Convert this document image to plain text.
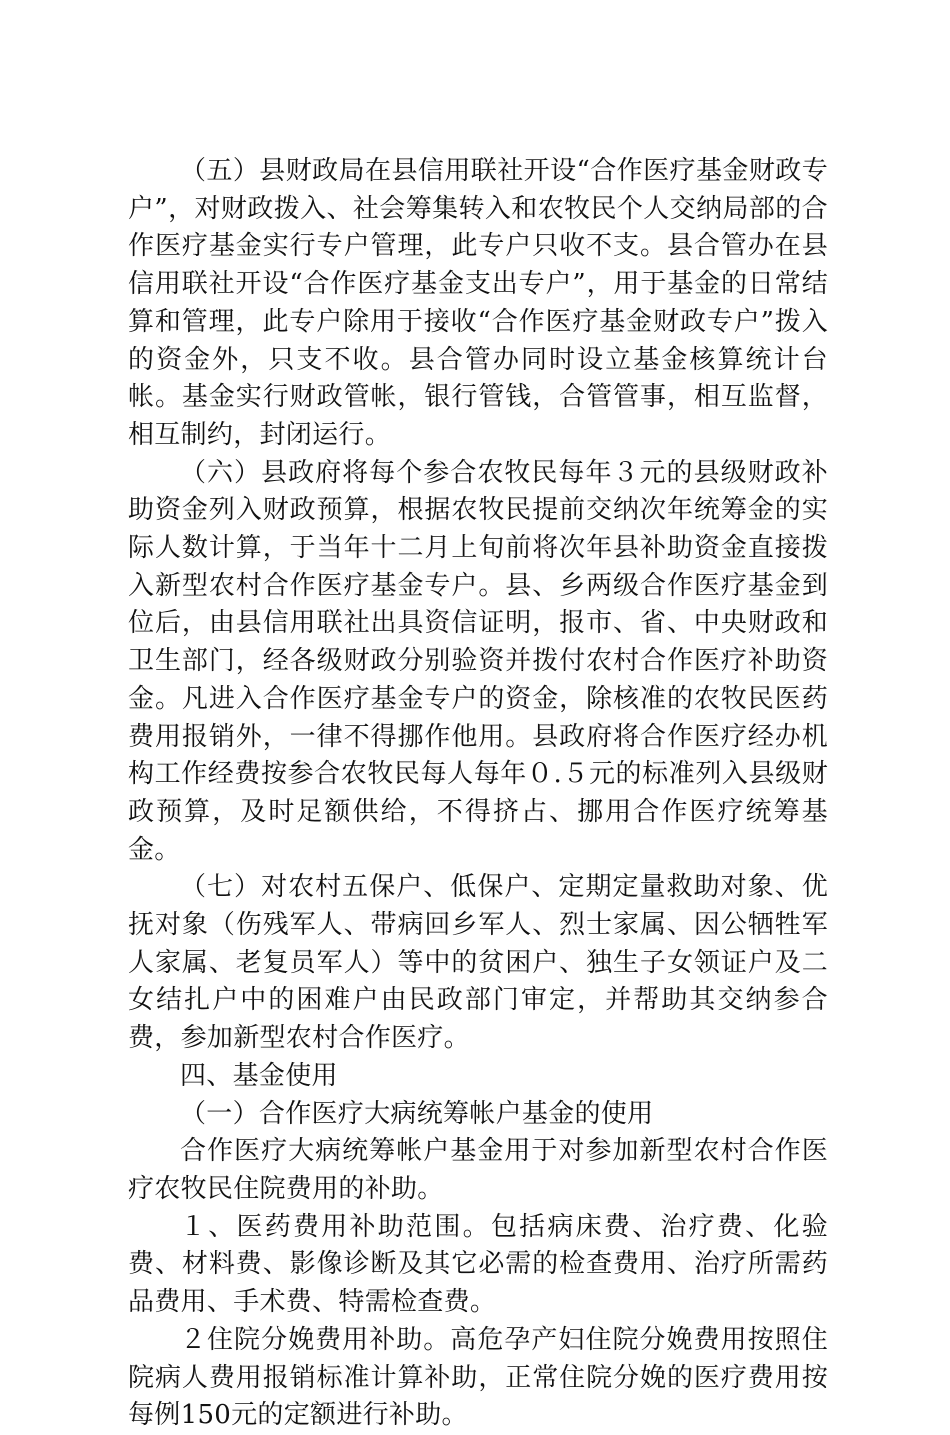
（五）县财政局在县信用联社开设“合作医疗基金财政专户”，对财政拨入、社会筹集转入和农牧民个人交纳局部的合作医疗基金实行专户管理，此专户只收不支。县合管办在县信用联社开设“合作医疗基金支出专户”，用于基金的日常结算和管理，此专户除用于接收“合作医疗基金财政专户”拨入的资金外，只支不收。县合管办同时设立基金核算统计台帐。基金实行财政管帐，银行管钱，合管管事，相互监督，相互制约，封闭运行。

（六）县政府将每个参合农牧民每年３元的县级财政补助资金列入财政预算，根据农牧民提前交纳次年统筹金的实际人数计算，于当年十二月上旬前将次年县补助资金直接拨入新型农村合作医疗基金专户。县、乡两级合作医疗基金到位后，由县信用联社出具资信证明，报市、省、中央财政和卫生部门，经各级财政分别验资并拨付农村合作医疗补助资金。凡进入合作医疗基金专户的资金，除核准的农牧民医药费用报销外，一律不得挪作他用。县政府将合作医疗经办机构工作经费按参合农牧民每人每年０.５元的标准列入县级财政预算，及时足额供给，不得挤占、挪用合作医疗统筹基金。

（七）对农村五保户、低保户、定期定量救助对象、优抚对象（伤残军人、带病回乡军人、烈士家属、因公牺牲军人家属、老复员军人）等中的贫困户、独生子女领证户及二女结扎户中的困难户由民政部门审定，并帮助其交纳参合费，参加新型农村合作医疗。

四、基金使用

（一）合作医疗大病统筹帐户基金的使用

合作医疗大病统筹帐户基金用于对参加新型农村合作医疗农牧民住院费用的补助。

１、医药费用补助范围。包括病床费、治疗费、化验费、材料费、影像诊断及其它必需的检查费用、治疗所需药品费用、手术费、特需检查费。

２住院分娩费用补助。高危孕产妇住院分娩费用按照住院病人费用报销标准计算补助，正常住院分娩的医疗费用按每例150元的定额进行补助。
